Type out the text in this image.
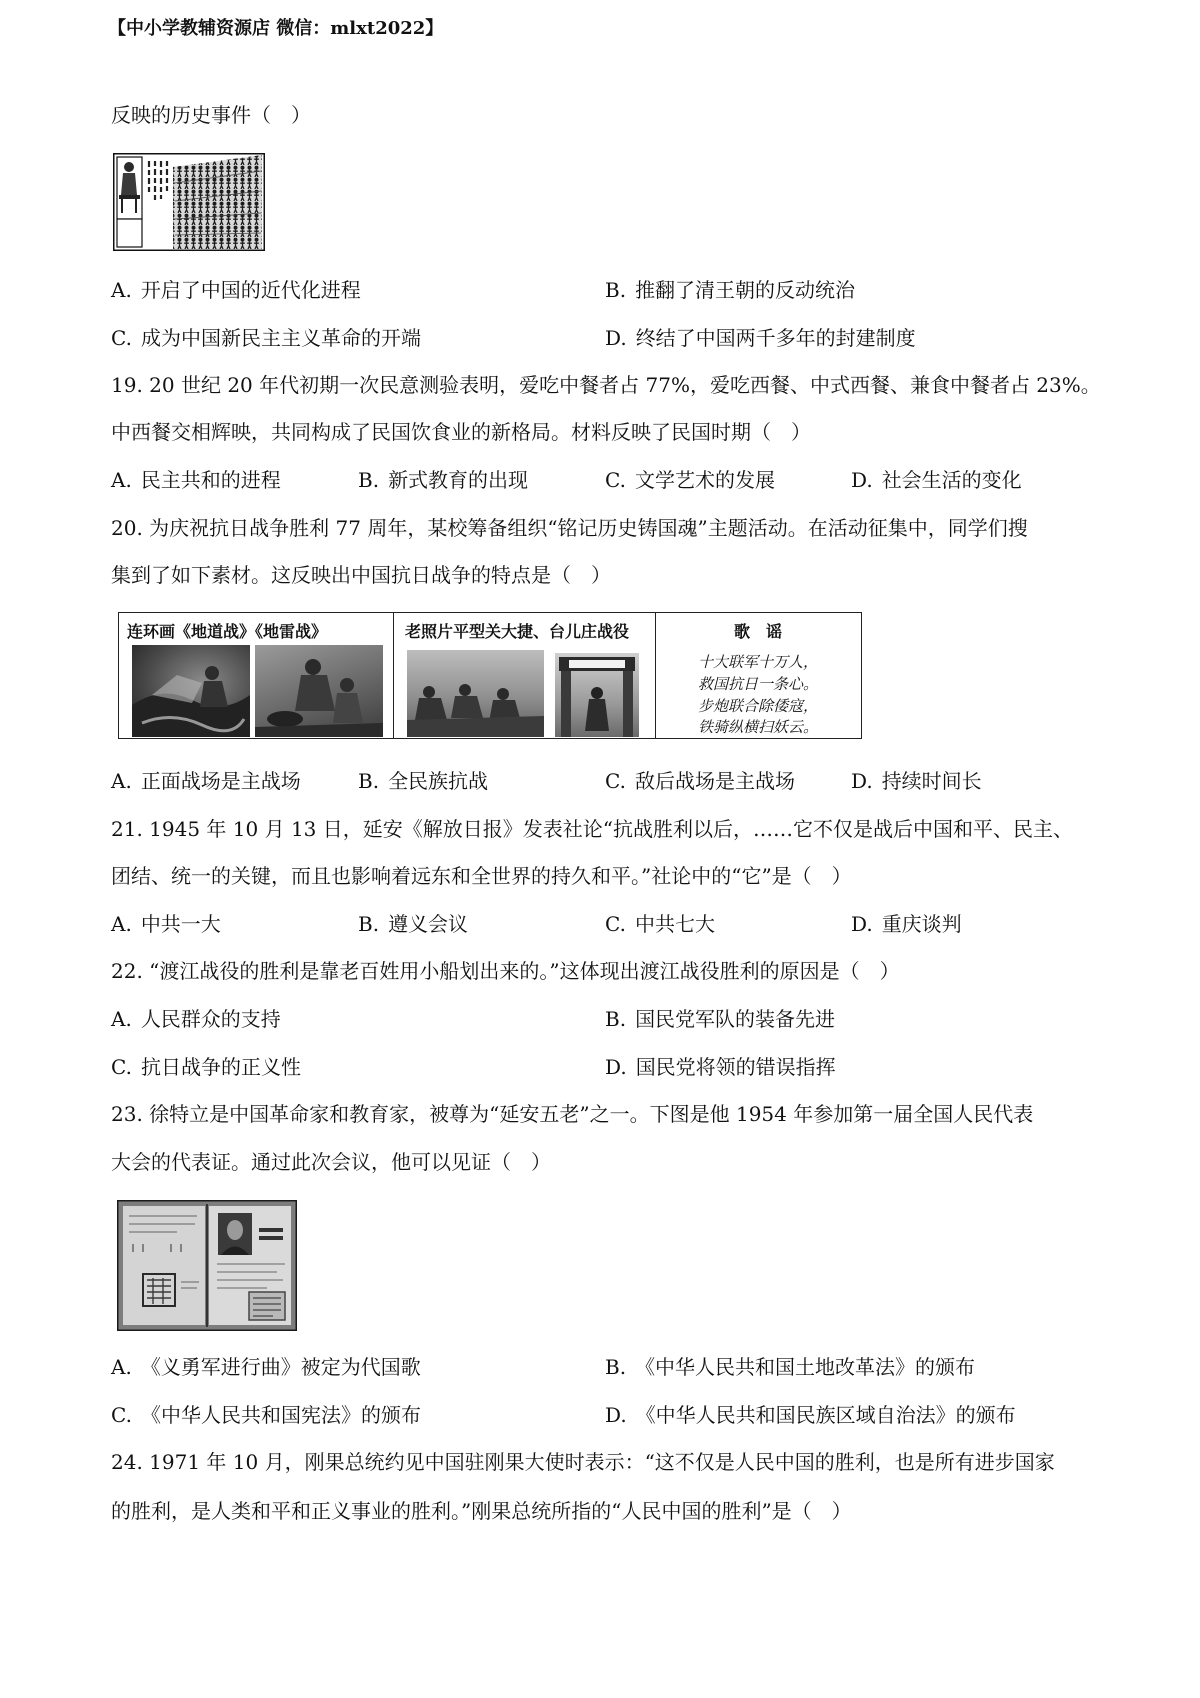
【中小学教辅资源店 微信：mlxt2022】
反映的历史事件（　）
A. 开启了中国的近代化进程	B. 推翻了清王朝的反动统治
C. 成为中国新民主主义革命的开端	D. 终结了中国两千多年的封建制度
19. 20 世纪 20 年代初期一次民意测验表明，爱吃中餐者占 77%，爱吃西餐、中式西餐、兼食中餐者占 23%。
中西餐交相辉映，共同构成了民国饮食业的新格局。材料反映了民国时期（　）
A. 民主共和的进程	B. 新式教育的出现	C. 文学艺术的发展	D. 社会生活的变化
20. 为庆祝抗日战争胜利 77 周年，某校筹备组织“铭记历史铸国魂”主题活动。在活动征集中，同学们搜
集到了如下素材。这反映出中国抗日战争的特点是（　）
连环画《地道战》《地雷战》	老照片平型关大捷、台儿庄战役	歌　谣
十大联军十万人，
救国抗日一条心。
步炮联合除倭寇，
铁骑纵横扫妖云。
A. 正面战场是主战场	B. 全民族抗战	C. 敌后战场是主战场	D. 持续时间长
21. 1945 年 10 月 13 日，延安《解放日报》发表社论“抗战胜利以后，……它不仅是战后中国和平、民主、
团结、统一的关键，而且也影响着远东和全世界的持久和平。”社论中的“它”是（　）
A. 中共一大	B. 遵义会议	C. 中共七大	D. 重庆谈判
22. “渡江战役的胜利是靠老百姓用小船划出来的。”这体现出渡江战役胜利的原因是（　）
A. 人民群众的支持	B. 国民党军队的装备先进
C. 抗日战争的正义性	D. 国民党将领的错误指挥
23. 徐特立是中国革命家和教育家，被尊为“延安五老”之一。下图是他 1954 年参加第一届全国人民代表
大会的代表证。通过此次会议，他可以见证（　）
A. 《义勇军进行曲》被定为代国歌	B. 《中华人民共和国土地改革法》的颁布
C. 《中华人民共和国宪法》的颁布	D. 《中华人民共和国民族区域自治法》的颁布
24. 1971 年 10 月，刚果总统约见中国驻刚果大使时表示：“这不仅是人民中国的胜利，也是所有进步国家
的胜利，是人类和平和正义事业的胜利。”刚果总统所指的“人民中国的胜利”是（　）
